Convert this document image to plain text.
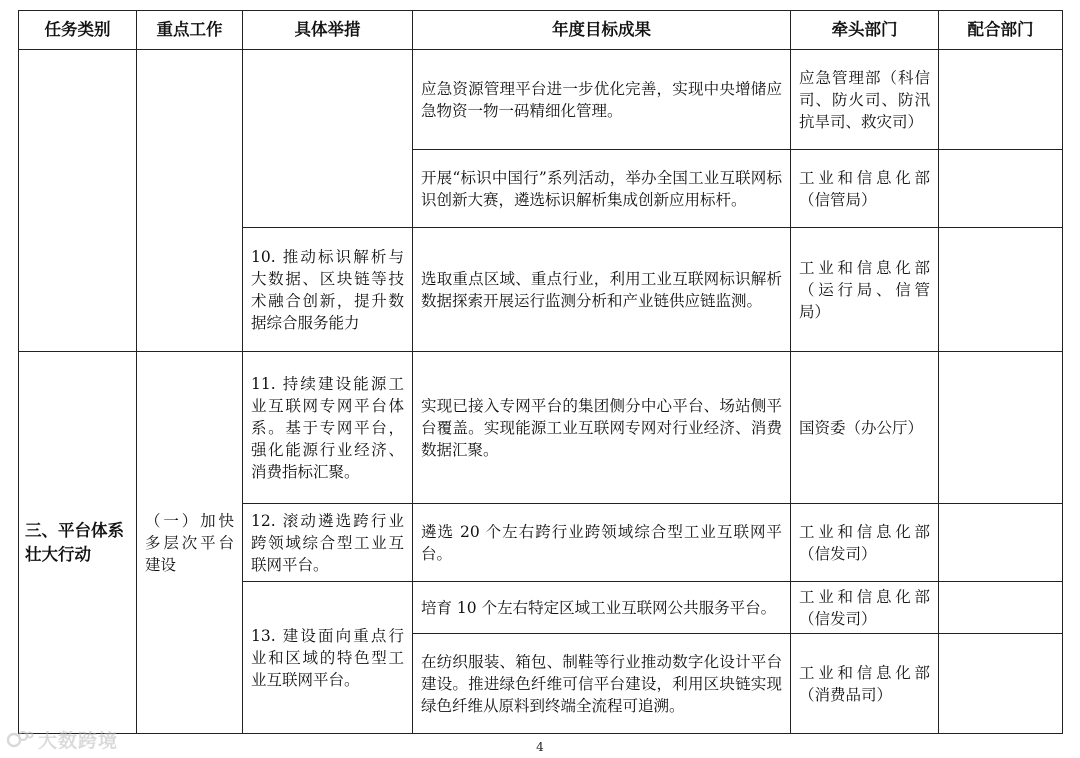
任务类别	重点工作	具体举措	年度目标成果	牵头部门	配合部门
			应急资源管理平台进一步优化完善，实现中央增储应急物资一物一码精细化管理。	应急管理部（科信司、防火司、防汛抗旱司、救灾司）	
			开展“标识中国行”系列活动，举办全国工业互联网标识创新大赛，遴选标识解析集成创新应用标杆。	工业和信息化部（信管局）	
		10. 推动标识解析与大数据、区块链等技术融合创新，提升数据综合服务能力	选取重点区域、重点行业，利用工业互联网标识解析数据探索开展运行监测分析和产业链供应链监测。	工业和信息化部（运行局、信管局）	
三、平台体系壮大行动	（一）加快多层次平台建设	11. 持续建设能源工业互联网专网平台体系。基于专网平台，强化能源行业经济、消费指标汇聚。	实现已接入专网平台的集团侧分中心平台、场站侧平台覆盖。实现能源工业互联网专网对行业经济、消费数据汇聚。	国资委（办公厅）	
		12. 滚动遴选跨行业跨领域综合型工业互联网平台。	遴选 20 个左右跨行业跨领域综合型工业互联网平台。	工业和信息化部（信发司）	
		13. 建设面向重点行业和区域的特色型工业互联网平台。	培育 10 个左右特定区域工业互联网公共服务平台。	工业和信息化部（信发司）	
			在纺织服装、箱包、制鞋等行业推动数字化设计平台建设。推进绿色纤维可信平台建设，利用区块链实现绿色纤维从原料到终端全流程可追溯。	工业和信息化部（消费品司）	
4
大数跨境
